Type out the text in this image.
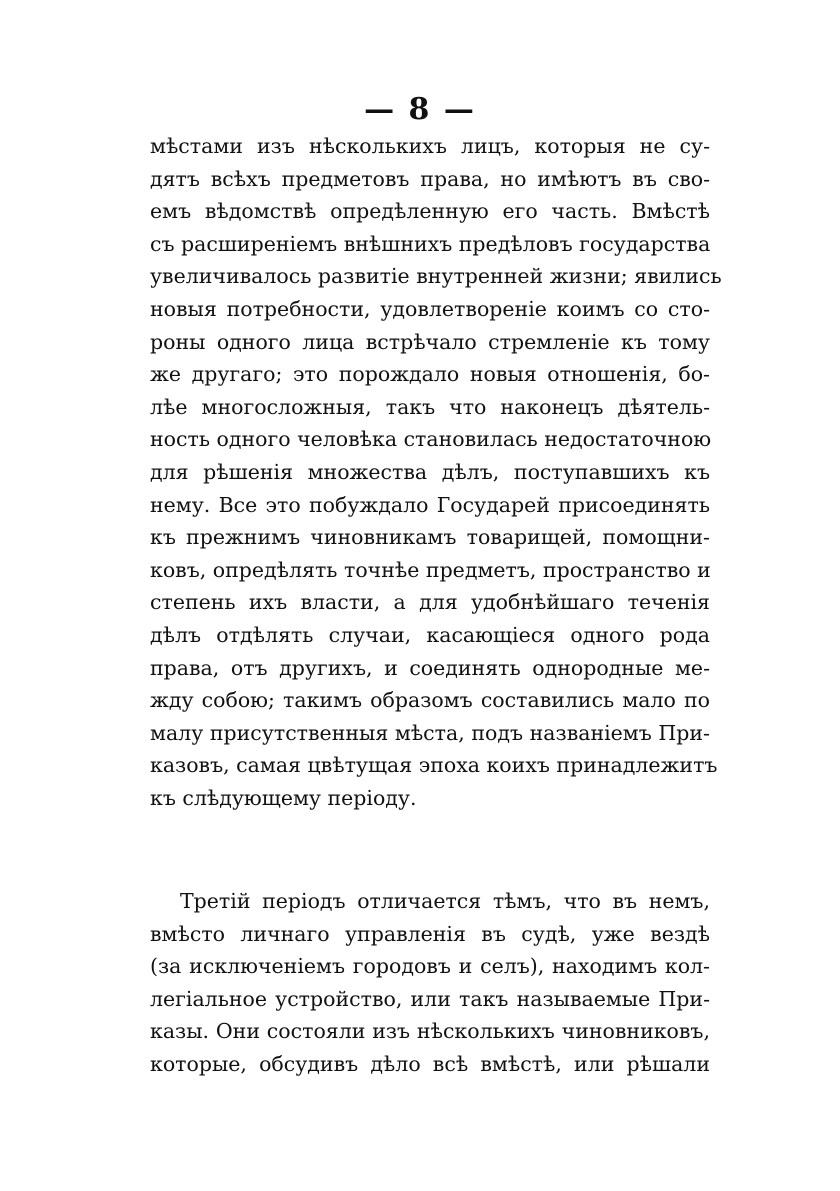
— 8 —
мѣстами изъ нѣсколькихъ лицъ, которыя не су-
дятъ всѣхъ предметовъ права, но имѣютъ въ сво-
емъ вѣдомствѣ опредѣленную его часть. Вмѣстѣ
съ расширеніемъ внѣшнихъ предѣловъ государства
увеличивалось развитіе внутренней жизни; явились
новыя потребности, удовлетвореніе коимъ со сто-
роны одного лица встрѣчало стремленіе къ тому
же другаго; это порождало новыя отношенія, бо-
лѣе многосложныя, такъ что наконецъ дѣятель-
ность одного человѣка становилась недостаточною
для рѣшенія множества дѣлъ, поступавшихъ къ
нему. Все это побуждало Государей присоединять
къ прежнимъ чиновникамъ товарищей, помощни-
ковъ, опредѣлять точнѣе предметъ, пространство и
степень ихъ власти, а для удобнѣйшаго теченія
дѣлъ отдѣлять случаи, касающіеся одного рода
права, отъ другихъ, и соединять однородные ме-
жду собою; такимъ образомъ составились мало по
малу присутственныя мѣста, подъ названіемъ При-
казовъ, самая цвѣтущая эпоха коихъ принадлежитъ
къ слѣдующему періоду.
Третій періодъ отличается тѣмъ, что въ немъ,
вмѣсто личнаго управленія въ судѣ, уже вездѣ
(за исключеніемъ городовъ и селъ), находимъ кол-
легіальное устройство, или такъ называемые При-
казы. Они состояли изъ нѣсколькихъ чиновниковъ,
которые, обсудивъ дѣло всѣ вмѣстѣ, или рѣшали
